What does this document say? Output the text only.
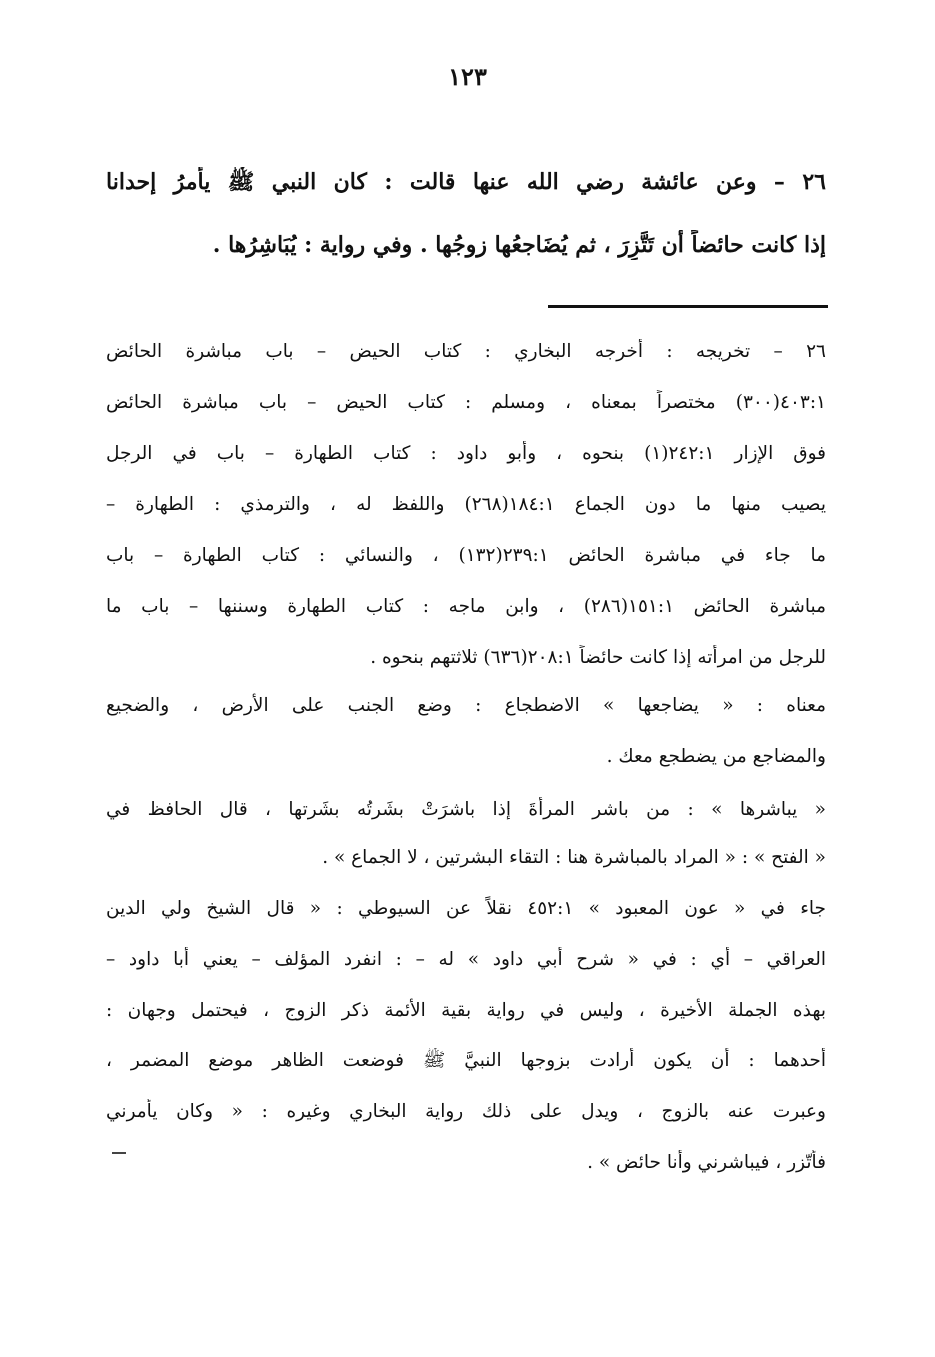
١٢٣

٢٦ – وعن عائشة رضي الله عنها قالت : كان النبي ﷺ يأمرُ إحدانا

إذا كانت حائضاً أن تَتَّزِرَ ، ثم يُضَاجعُها زوجُها . وفي رواية : يُبَاشِرُها .

٢٦ – تخريجه : أخرجه البخاري : كتاب الحيض – باب مباشرة الحائض

٤٠٣:١(٣٠٠) مختصراً بمعناه ، ومسلم : كتاب الحيض – باب مباشرة الحائض

فوق الإزار ٢٤٢:١(١) بنحوه ، وأبو داود : كتاب الطهارة – باب في الرجل

يصيب منها ما دون الجماع ١٨٤:١(٢٦٨) واللفظ له ، والترمذي : الطهارة –

ما جاء في مباشرة الحائض ٢٣٩:١(١٣٢) ، والنسائي : كتاب الطهارة – باب

مباشرة الحائض ١٥١:١(٢٨٦) ، وابن ماجه : كتاب الطهارة وسننها – باب ما

للرجل من امرأته إذا كانت حائضاً ٢٠٨:١(٦٣٦) ثلاثتهم بنحوه .

معناه : « يضاجعها » الاضطجاع : وضع الجنب على الأرض ، والضجيع

والمضاجع من يضطجع معك .

« يباشرها » : من باشر المرأةَ إذا باشرَتْ بشَرتُه بشَرتها ، قال الحافظ في

« الفتح » : « المراد بالمباشرة هنا : التقاء البشرتين ، لا الجماع » .

جاء في « عون المعبود » ٤٥٢:١ نقلاً عن السيوطي : « قال الشيخ ولي الدين

العراقي – أي : في « شرح أبي داود » له – : انفرد المؤلف – يعني أبا داود –

بهذه الجملة الأخيرة ، وليس في رواية بقية الأئمة ذكر الزوج ، فيحتمل وجهان :

أحدهما : أن يكون أرادت بزوجها النبيَّ ﷺ فوضعت الظاهر موضع المضمر ،

وعبرت عنه بالزوج ، ويدل على ذلك رواية البخاري وغيره : « وكان يأمرني

فأتّزر ، فيباشرني وأنا حائض » .
